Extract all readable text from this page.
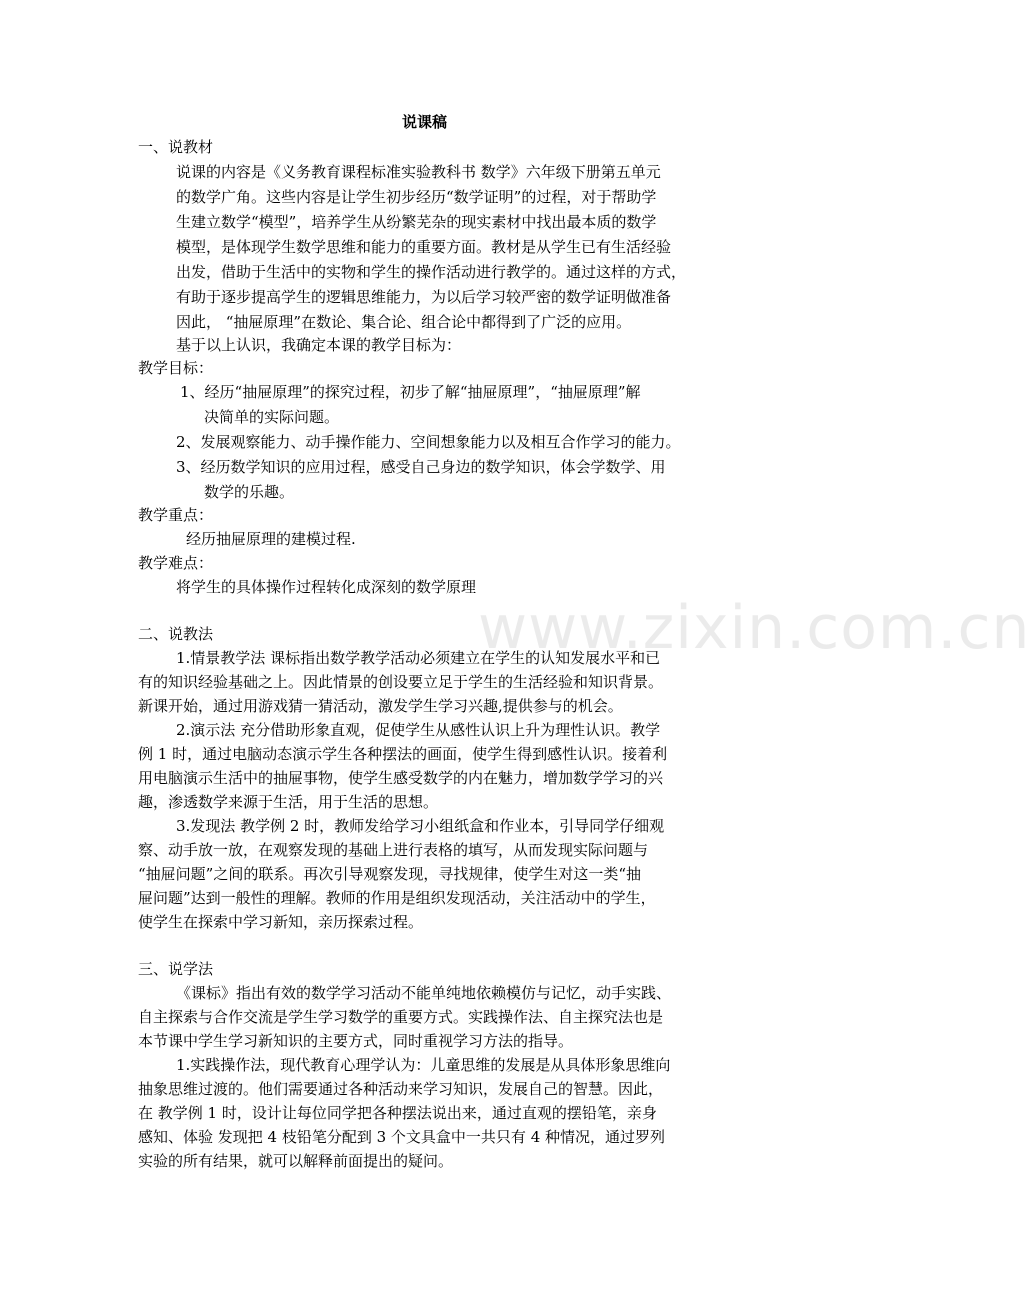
www.zixin.com.cn
说课稿
一、说教材
说课的内容是《义务教育课程标准实验教科书 数学》六年级下册第五单元
的数学广角。这些内容是让学生初步经历“数学证明”的过程，对于帮助学
生建立数学“模型”，培养学生从纷繁芜杂的现实素材中找出最本质的数学
模型，是体现学生数学思维和能力的重要方面。教材是从学生已有生活经验
出发，借助于生活中的实物和学生的操作活动进行教学的。通过这样的方式，
有助于逐步提高学生的逻辑思维能力，为以后学习较严密的数学证明做准备
因此， “抽屉原理”在数论、集合论、组合论中都得到了广泛的应用。
基于以上认识，我确定本课的教学目标为：
教学目标：
1、经历“抽屉原理”的探究过程，初步了解“抽屉原理”，“抽屉原理”解
决简单的实际问题。
2、发展观察能力、动手操作能力、空间想象能力以及相互合作学习的能力。
3、经历数学知识的应用过程，感受自己身边的数学知识，体会学数学、用
数学的乐趣。
教学重点：
经历抽屉原理的建模过程.
教学难点：
将学生的具体操作过程转化成深刻的数学原理
二、说教法
1.情景教学法 课标指出数学教学活动必须建立在学生的认知发展水平和已
有的知识经验基础之上。因此情景的创设要立足于学生的生活经验和知识背景。
新课开始，通过用游戏猜一猜活动，激发学生学习兴趣,提供参与的机会。
2.演示法 充分借助形象直观，促使学生从感性认识上升为理性认识。教学
例 1 时，通过电脑动态演示学生各种摆法的画面，使学生得到感性认识。接着利
用电脑演示生活中的抽屉事物，使学生感受数学的内在魅力，增加数学学习的兴
趣，渗透数学来源于生活，用于生活的思想。
3.发现法 教学例 2 时，教师发给学习小组纸盒和作业本，引导同学仔细观
察、动手放一放，在观察发现的基础上进行表格的填写，从而发现实际问题与
“抽屉问题”之间的联系。再次引导观察发现，寻找规律，使学生对这一类“抽
屉问题”达到一般性的理解。教师的作用是组织发现活动，关注活动中的学生，
使学生在探索中学习新知，亲历探索过程。
三、说学法
《课标》指出有效的数学学习活动不能单纯地依赖模仿与记忆，动手实践、
自主探索与合作交流是学生学习数学的重要方式。实践操作法、自主探究法也是
本节课中学生学习新知识的主要方式，同时重视学习方法的指导。
1.实践操作法，现代教育心理学认为：儿童思维的发展是从具体形象思维向
抽象思维过渡的。他们需要通过各种活动来学习知识，发展自己的智慧。因此，
在 教学例 1 时，设计让每位同学把各种摆法说出来，通过直观的摆铅笔，亲身
感知、体验 发现把 4 枝铅笔分配到 3 个文具盒中一共只有 4 种情况，通过罗列
实验的所有结果，就可以解释前面提出的疑问。
